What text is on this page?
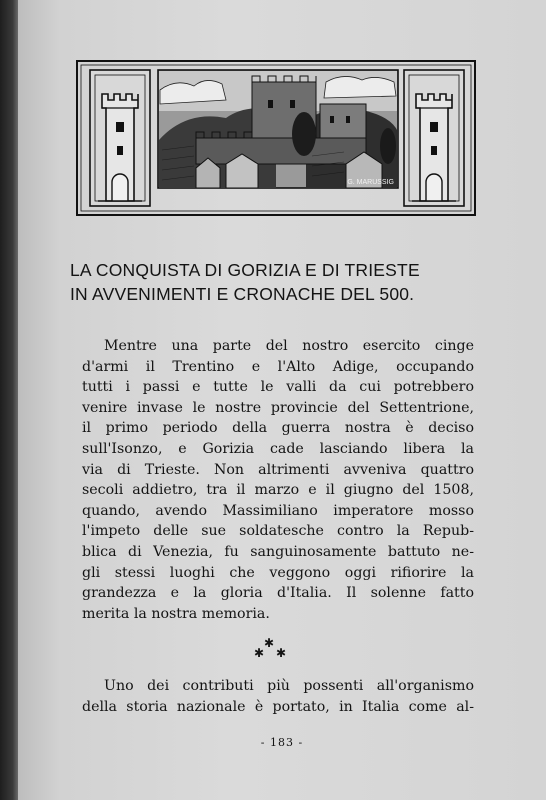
G. MARUSSIG
LA CONQUISTA DI GORIZIA E DI TRIESTE
IN AVVENIMENTI E CRONACHE DEL 500.
Mentre una parte del nostro esercito cinge
d'armi il Trentino e l'Alto Adige, occupando
tutti i passi e tutte le valli da cui potrebbero
venire invase le nostre provincie del Settentrione,
il primo periodo della guerra nostra è deciso
sull'Isonzo, e Gorizia cade lasciando libera la
via di Trieste. Non altrimenti avveniva quattro
secoli addietro, tra il marzo e il giugno del 1508,
quando, avendo Massimiliano imperatore mosso
l'impeto delle sue soldatesche contro la Repub-
blica di Venezia, fu sanguinosamente battuto ne-
gli stessi luoghi che veggono oggi rifiorire la
grandezza e la gloria d'Italia. Il solenne fatto
merita la nostra memoria.
✱
✱ ✱
Uno dei contributi più possenti all'organismo
della storia nazionale è portato, in Italia come al-
- 183 -
